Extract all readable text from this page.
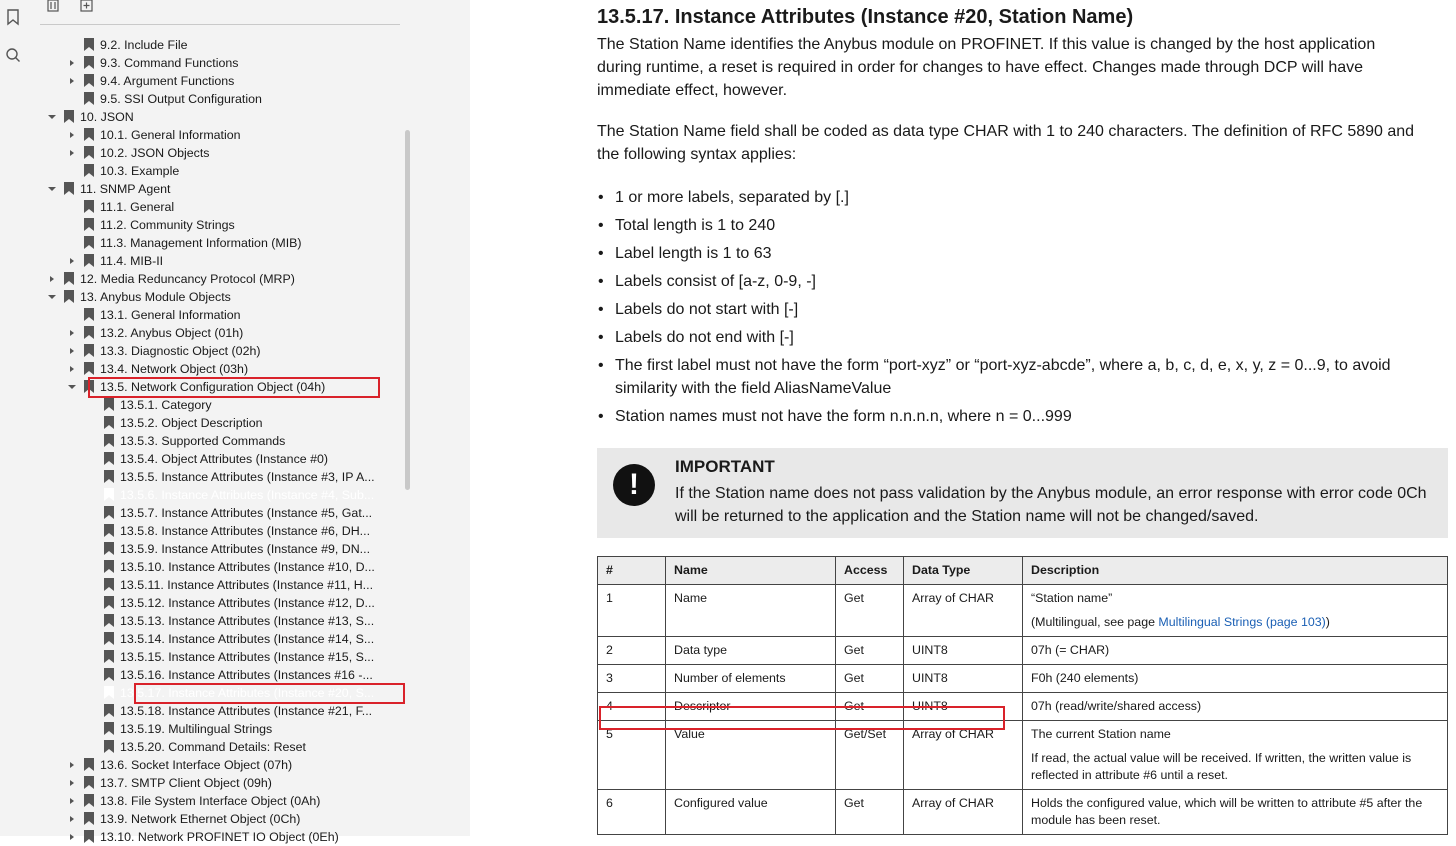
9.2. Include File
9.3. Command Functions
9.4. Argument Functions
9.5. SSI Output Configuration
10. JSON
10.1. General Information
10.2. JSON Objects
10.3. Example
11. SNMP Agent
11.1. General
11.2. Community Strings
11.3. Management Information (MIB)
11.4. MIB-II
12. Media Reduncancy Protocol (MRP)
13. Anybus Module Objects
13.1. General Information
13.2. Anybus Object (01h)
13.3. Diagnostic Object (02h)
13.4. Network Object (03h)
13.5. Network Configuration Object (04h)
13.5.1. Category
13.5.2. Object Description
13.5.3. Supported Commands
13.5.4. Object Attributes (Instance #0)
13.5.5. Instance Attributes (Instance #3, IP A...
13.5.6. Instance Attributes (Instance #4, Sub...
13.5.7. Instance Attributes (Instance #5, Gat...
13.5.8. Instance Attributes (Instance #6, DH...
13.5.9. Instance Attributes (Instance #9, DN...
13.5.10. Instance Attributes (Instance #10, D...
13.5.11. Instance Attributes (Instance #11, H...
13.5.12. Instance Attributes (Instance #12, D...
13.5.13. Instance Attributes (Instance #13, S...
13.5.14. Instance Attributes (Instance #14, S...
13.5.15. Instance Attributes (Instance #15, S...
13.5.16. Instance Attributes (Instances #16 -...
13.5.17. Instance Attributes (Instance #20, S...
13.5.18. Instance Attributes (Instance #21, F...
13.5.19. Multilingual Strings
13.5.20. Command Details: Reset
13.6. Socket Interface Object (07h)
13.7. SMTP Client Object (09h)
13.8. File System Interface Object (0Ah)
13.9. Network Ethernet Object (0Ch)
13.10. Network PROFINET IO Object (0Eh)
13.5.17. Instance Attributes (Instance #20, Station Name)
The Station Name identifies the Anybus module on PROFINET. If this value is changed by the host application during runtime, a reset is required in order for changes to have effect. Changes made through DCP will have immediate effect, however.
The Station Name field shall be coded as data type CHAR with 1 to 240 characters. The definition of RFC 5890 and the following syntax applies:
• 1 or more labels, separated by [.]
• Total length is 1 to 240
• Label length is 1 to 63
• Labels consist of [a-z, 0-9, -]
• Labels do not start with [-]
• Labels do not end with [-]
• The first label must not have the form “port-xyz” or “port-xyz-abcde”, where a, b, c, d, e, x, y, z = 0...9, to avoid similarity with the field AliasNameValue
• Station names must not have the form n.n.n.n, where n = 0...999
!
IMPORTANT
If the Station name does not pass validation by the Anybus module, an error response with error code 0Ch will be returned to the application and the Station name will not be changed/saved.
#	Name	Access	Data Type	Description
1	Name	Get	Array of CHAR	“Station name”
(Multilingual, see page Multilingual Strings (page 103))

2	Data type	Get	UINT8	07h (= CHAR)
3	Number of elements	Get	UINT8	F0h (240 elements)
4	Descriptor	Get	UINT8	07h (read/write/shared access)
5	Value	Get/Set	Array of CHAR	The current Station name
If read, the actual value will be received. If written, the written value is reflected in attribute #6 until a reset.

6	Configured value	Get	Array of CHAR	Holds the configured value, which will be written to attribute #5 after the module has been reset.
